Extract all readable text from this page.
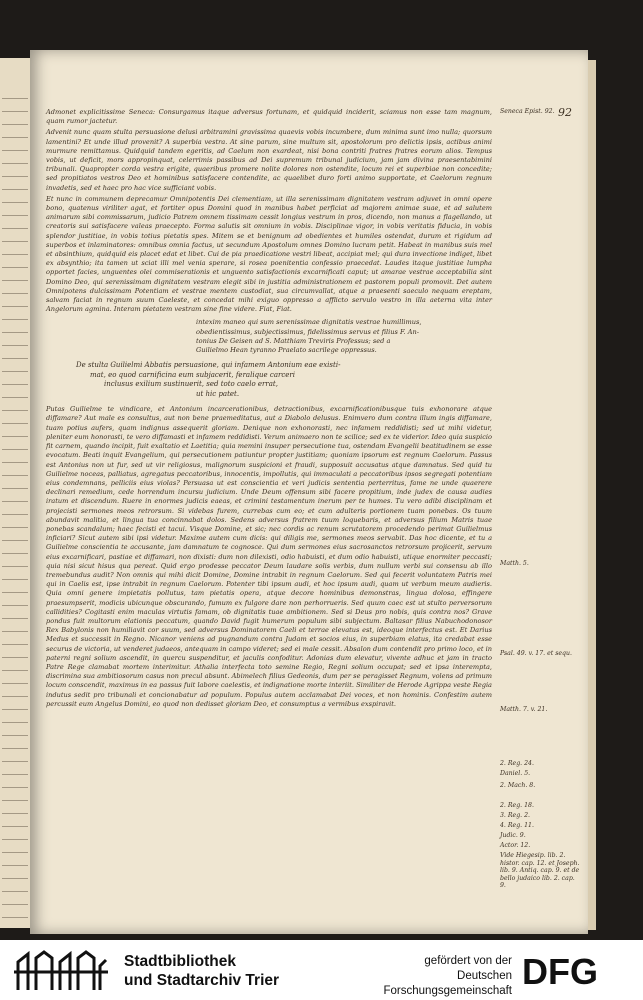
92

Admonet explicitissime Seneca: Consurgamus itaque adversus fortunam, et quidquid inciderit, sciamus non esse tam magnum, quam rumor jactetur.

Advenit nunc quam stulta persuasione delusi arbitramini gravissima quaevis vobis incumbere, dum minima sunt imo nulla; quorsum lamentini? Et unde illud provenit? A superbia vestra. At sine parum, sine multum sit, apostolorum pro delictis ipsis, actibus animi murmure remittamus. Quidquid tandem egeritis, ad Caelum non exardeat, nisi bona contriti fratres fratres eorum alios. Tempus vobis, ut deficit, mors appropinquat, celerrimis passibus ad Dei supremum tribunal judicium, jam jam divina praesentabimini tribunali. Quapropter corda vestra erigite, quaeribus promere nolite dolores non ostendite, locum rei et superbiae non concedite; sed propitiatos vestros Deo et hominibus satisfacere contendite, ac quaelibet duro forti animo supportate, et Caelorum regnum invadetis, sed et haec pro hac vice sufficiant vobis.

Et nunc in communem deprecamur Omnipotentis Dei clementiam, ut illa serenissimam dignitatem vestram adjuvet in omni opere bono, quatenus viriliter agat, et fortiter opus Domini quod in manibus habet perficiat ad majorem animae suae, et ad salutem animarum sibi commissarum, judicio Patrem omnem tissimam cessit longius vestrum in pros, dicendo, non manus a flagellando, ut creatoris sui satisfacere valeas praecepto. Forma salutis sit omnium in vobis. Disciplinae vigor, in vobis veritatis fiducia, in vobis splendor justitiae, in vobis totius pietatis spes. Mitem se et benignum ad obedientes et humiles ostendat, durum et rigidum ad superbos et inlaminatores: omnibus omnia factus, ut secundum Apostolum omnes Domino lucram petit. Habeat in manibus suis mel et absinthium, quidquid eis placet edat et libet. Cui de pia praedicatione vestri libeat, accipiat mel; qui dura invectione indiget, libet ex absynthio; ita tamen ut sciat illi mel venia sperare, si rosea poenitentia confessio praecedat. Laudes itaque justitiae lumpha opportet facies, unguentes olei commiserationis et unguento satisfactionis excarnificati caput; ut amarae vestrae acceptabilia sint Domino Deo, qui serenissimam dignitatem vestram elegit sibi in justitia administrationem et pastorem populi promovit. Det autem Omnipotens dulcissimam Potentiam et vestrae mentem custodiat, sua circumvallat, atque a praesenti saeculo nequam ereptam, salvam faciat in regnum suum Caeleste, et concedat mihi exiguo oppresso a afflicto servulo vestro in illa aeterna vita inter Angelorum agmina. Interam pietatem vestram sine fine videre. Fiat, Fiat.

intexim maneo qui sum serenissimae dignitatis vestrae humillimus,
obedientissimus, subjectissimus, fidelissimus servus et filius F. An-
tonius De Geisen ad S. Matthiam Treviris Professus; sed a
Guilielmo Hean tyranno Praelato sacrilege oppressus.
De stulta Guilielmi Abbatis persuasione, qui infamem Antonium eae existi-
mat, eo quod carnificina eum subjacerit, feralique carceri
inclusus exilium sustinuerit, sed toto caelo errat,
ut hic patet.

Putas Guilielme te vindicare, et Antonium incarcerationibus, detractionibus, excarnificationibusque tuis exhonorare atque diffamare? Aut male es consultus, aut non bene praemeditatus, aut a Diabolo delusus. Enimvero dum contra illum ingis diffamare, tuam potius aufers, quam indignus assequerit gloriam. Denique non exhonorasti, nec infamem reddidisti; sed ut mihi videtur, pleniter eum honorasti, te vero diffamasti et infamem reddidisti. Verum animaero non te scilice; sed ex te viderior. Ideo quia suspicio fit carnem, quando incipit, fuit exaltatio et Laetitia; quia memini insuper persecutione tua, ostendam Evangelii beatitudinem se esse evocatum. Beati inquit Evangelium, qui persecutionem patiuntur propter justitiam; quoniam ipsorum est regnum Caelorum. Passus est Antonius non ut fur, sed ut vir religiosus, malignorum suspicioni et fraudi, supposuit accusatus atque damnatus. Sed quid tu Guilielme noceas, palliatus, agregatus peccatoribus, innocentis, impollutis, qui immaculati a peccatoribus ipsos segregati potentiam eius condemnans, pelliciis eius violas? Persuasa ut est conscientia et veri judicis sententia perterritus, fame ne unde quaerere declinari remedium, cede horrendum incursu judicium. Unde Deum offensum sibi facere propitium, inde judex de causa audies iratum et discendum. Ruere in enormes judicis eaeas, et crimini testamentum inerum per te humes. Tu vero adibi disciplinam et projecisti sermones meos retrorsum. Si videbas furem, currebas cum eo; et cum adulteris portionem tuam ponebas. Os tuum abundavit malitia, et lingua tua concinnabat dolos. Sedens adversus fratrem tuum loquebaris, et adversus filium Matris tuae ponebas scandalum; haec fecisti et tacui. Visque Domine, et sic; nec cordis ac renum scrutatorem procedendo perimat Guilielmus inficiari? Sicut autem sibi ipsi videtur. Maxime autem cum dicis: qui diligis me, sermones meos servabit. Das hoc dicente, et tu a Guilielme conscientia te accusante, jam damnatum te cognosce. Qui dum sermones eius sacrosanctos retrorsum projicerit, servum eius excarnificari, pastiae et diffamari, non dixisti: dum non dilexisti, odio habuisti, et dum odio habuisti, utique enormiter peccasti; quia nisi sicut hisus qua pereat. Quid ergo prodesse peccator Deum laudare solis verbis, dum nullum verbi sui consensu ab illo tremebundus audit? Non omnis qui mihi dicit Domine, Domine intrabit in regnum Caelorum. Sed qui fecerit voluntatem Patris mei qui in Caelis est, ipse intrabit in regnum Caelorum. Potenter tibi ipsum audi, et hoc ipsum audi, quam ut verbum meum audieris. Quia omni genere impietatis pollutus, tam pietatis opera, atque decore hominibus demonstras, lingua dolosa, effingere praesumpserit, modicis ubicunque obscurando, fumum ex fulgore dare non perhorrueris. Sed quum caec est ut stulto perversorum callidities? Cogitasti enim maculas virtutis famam, ob dignitatis tuae ambitionem. Sed si Deus pro nobis, quis contra nos? Grave pondus fuit multorum elationis peccatum, quando David fugit humerum populum sibi subjectum. Baltasar filius Nabuchodonosor Rex Babylonis non humiliavit cor suum, sed adversus Dominatorem Caeli et terrae elevatus est, ideoque interfectus est. Et Darius Medus et successit in Regno. Nicanor veniens ad pugnandum contra Judam et socios eius, in superbiam elatus, ita credabat esse securus de victoria, ut venderet judaeos, antequam in campo videret; sed ei male cessit. Absalon dum contendit pro primo loco, et in paterni regni solium ascendit, in quercu suspenditur, et jaculis confoditur. Adonias dum elevatur, vivente adhuc et jam in tracto Patre Rege clamabat mortem interimitur. Athalia interfecta toto semine Regio, Regni solium occupat; sed et ipsa interempta, discrimina sua ambitiosorum casus non precul absunt. Abimelech filius Gedeonis, dum per se peragisset Regnum, volens ad primum locum conscendit, maximus in ea passus fuit labore caelestis, et indignatione morte interiit. Similiter de Herode Agrippa veste Regia indutus sedit pro tribunali et concionabatur ad populum. Populus autem acclamabat Dei voces, et non hominis. Confestim autem percussit eum Angelus Domini, eo quod non dedisset gloriam Deo, et consumptus a vermibus exspiravit.

Seneca Epist. 92.
Matth. 5.
Psal. 49. v. 17. et sequ.
Matth. 7. v. 21.
2. Reg. 24.
Daniel. 5.
2. Mach. 8.
2. Reg. 18.
3. Reg. 2.
4. Reg. 11.
Judic. 9.
Actor. 12.
Vide Hiegesip. lib. 2. histor. cap. 12. et Joseph. lib. 9. Antiq. cap. 9. et de bello judaico lib. 2. cap. 9.
Stadtbibliothek
und Stadtarchiv Trier
gefördert von der
Deutschen Forschungsgemeinschaft DFG
